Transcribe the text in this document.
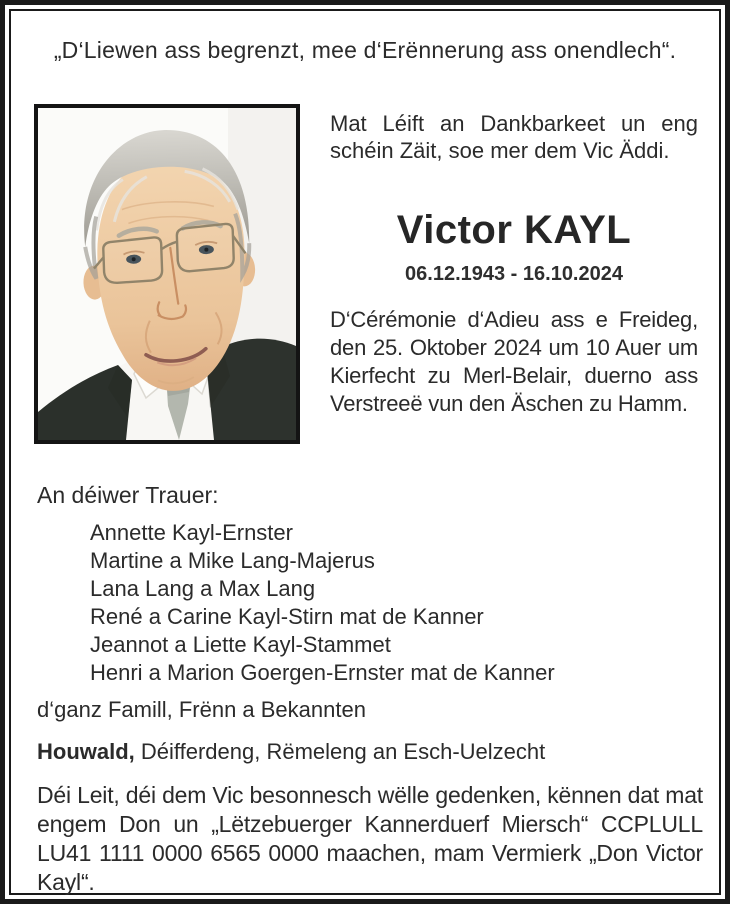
„D‘Liewen ass begrenzt, mee d‘Erënnerung ass onendlech“.

Mat Léift an Dankbarkeet un eng schéin Zäit, soe mer dem Vic Äddi.

Victor KAYL
06.12.1943 - 16.10.2024

D‘Cérémonie d‘Adieu ass e Freideg, den 25. Oktober 2024 um 10 Auer um Kierfecht zu Merl-Belair, duerno ass Verstreeë vun den Äschen zu Hamm.

An déiwer Trauer:

Annette Kayl-Ernster
Martine a Mike Lang-Majerus
Lana Lang a Max Lang
René a Carine Kayl-Stirn mat de Kanner
Jeannot a Liette Kayl-Stammet
Henri a Marion Goergen-Ernster mat de Kanner

d‘ganz Famill, Frënn a Bekannten

Houwald, Déifferdeng, Rëmeleng an Esch-Uelzecht

Déi Leit, déi dem Vic besonnesch wëlle gedenken, kënnen dat mat engem Don un „Lëtzebuerger Kannerduerf Miersch“ CCPLULL LU41 1111 0000 6565 0000 maachen, mam Vermierk „Don Victor Kayl“.
